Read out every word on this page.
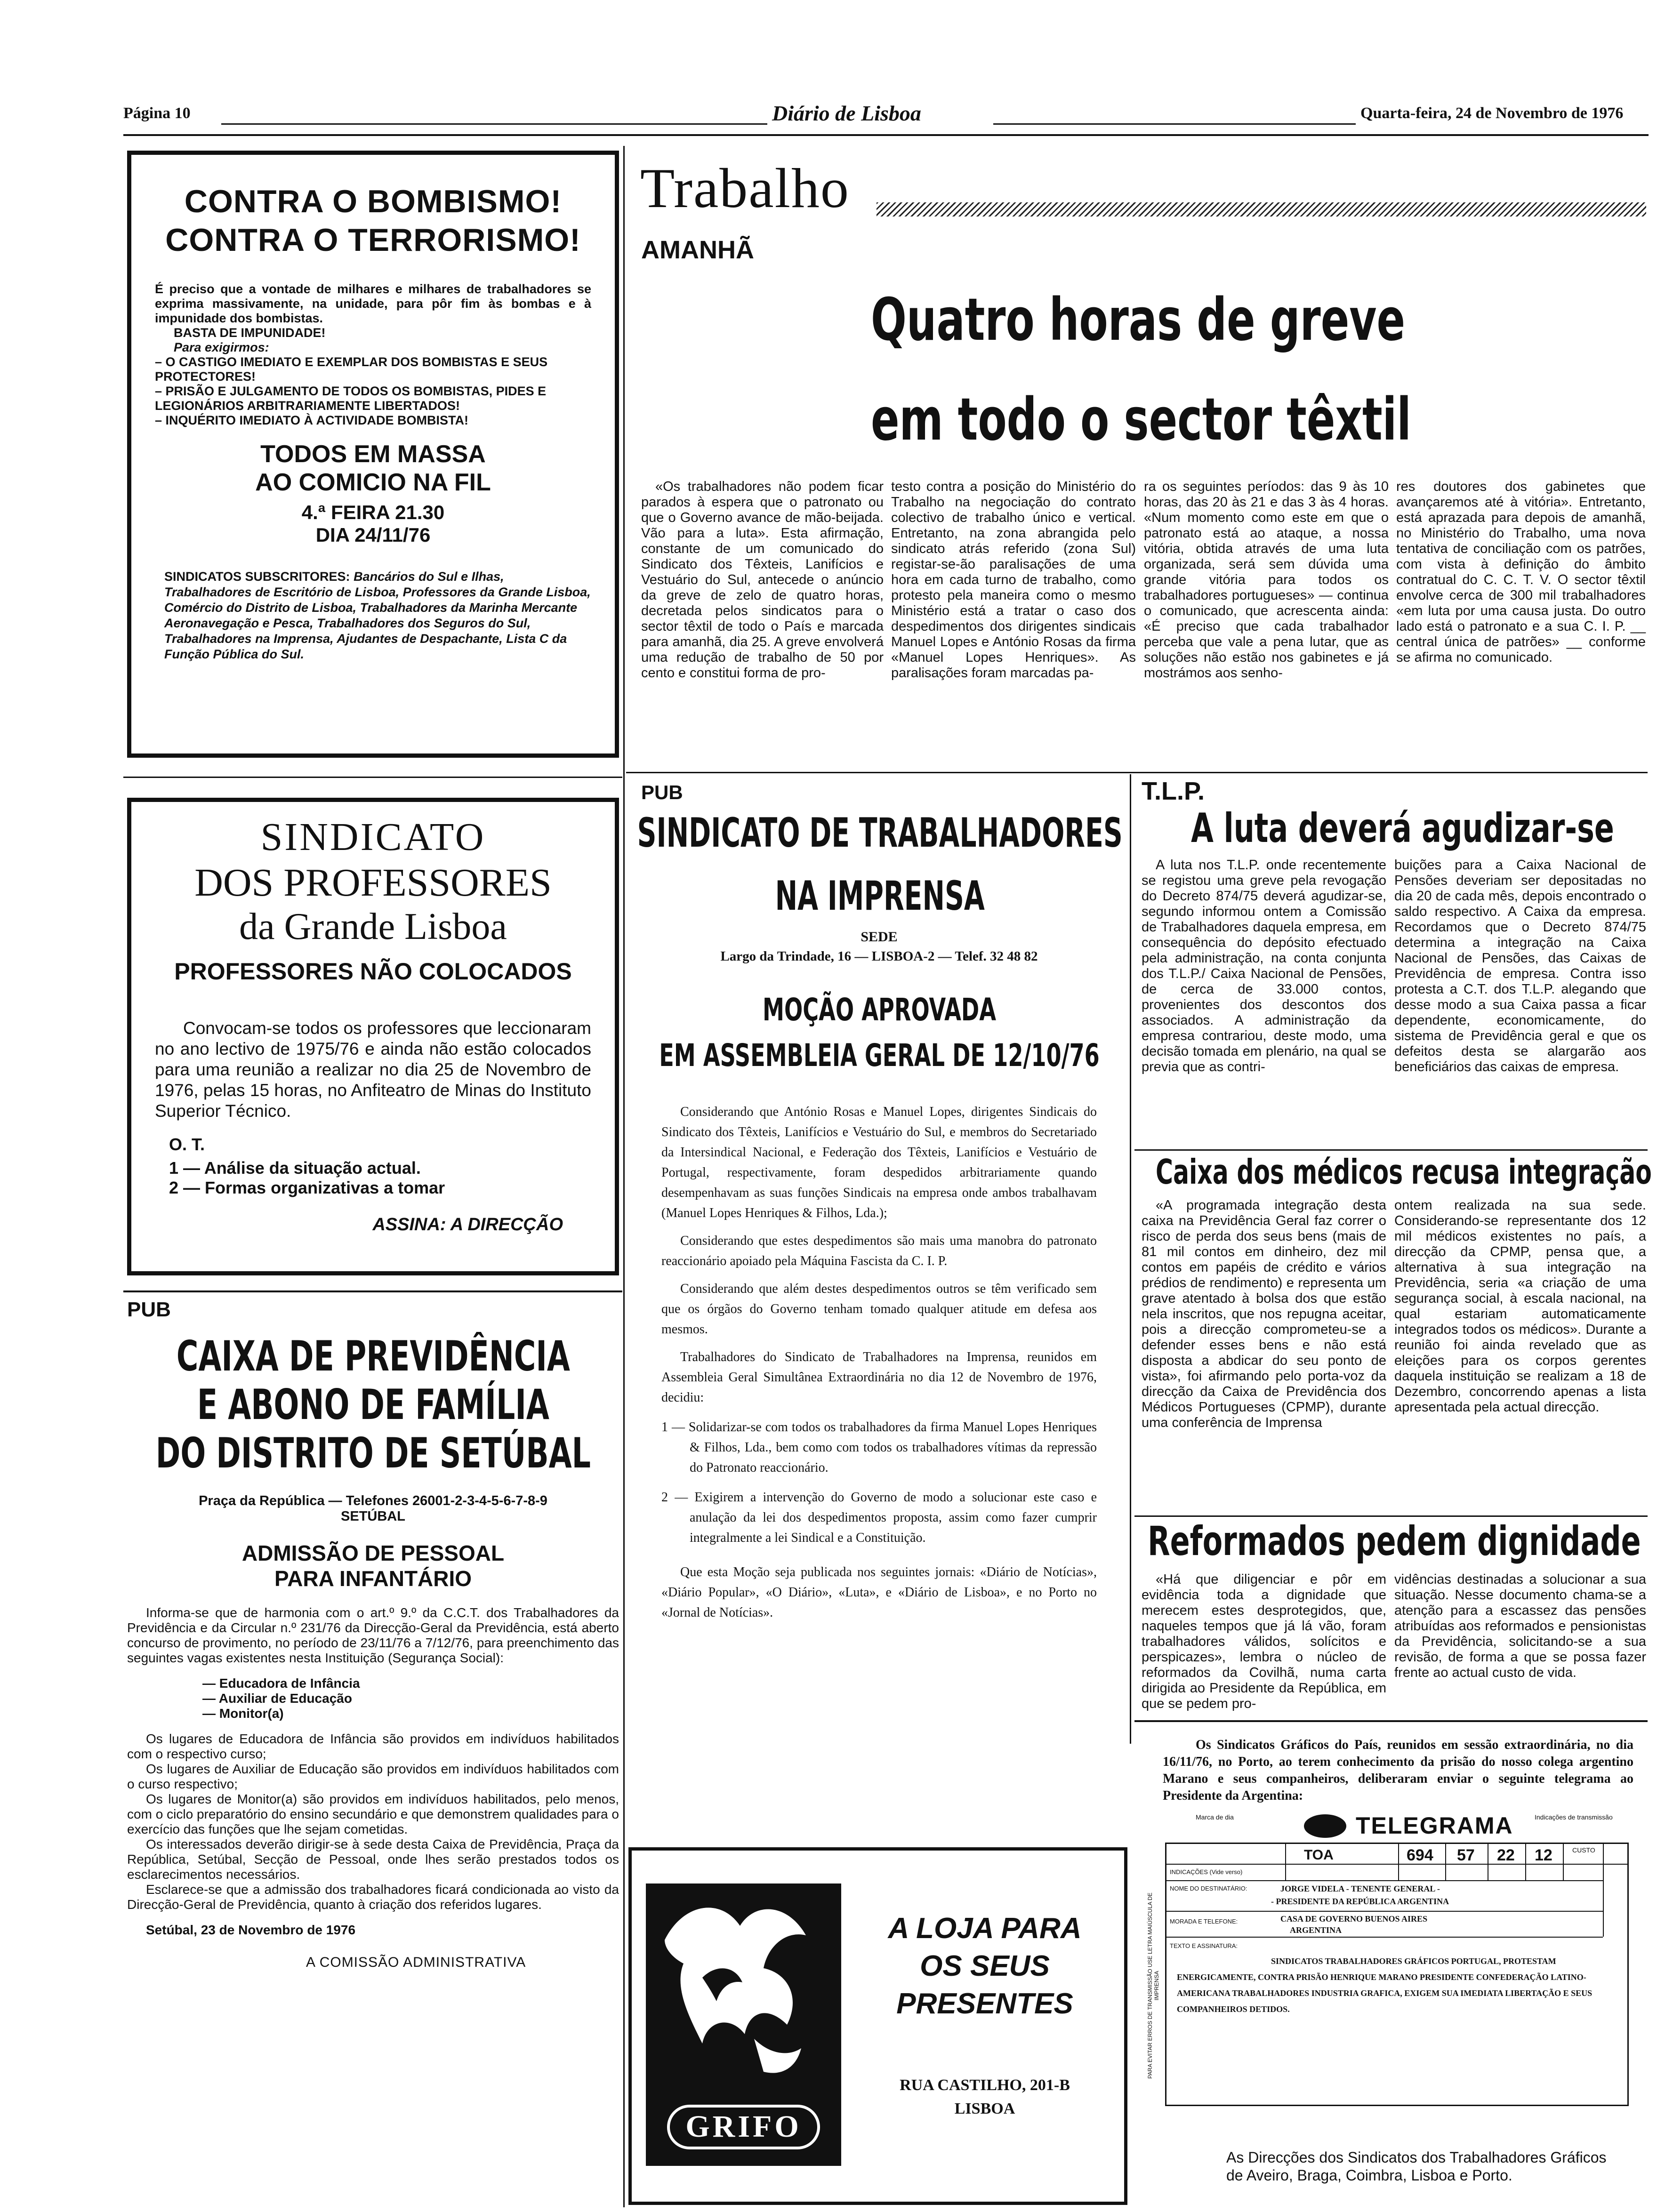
Página 10	Diário de Lisboa	Quarta-feira, 24 de Novembro de 1976
CONTRA O BOMBISMO!
CONTRA O TERRORISMO!
É preciso que a vontade de milhares e milhares de trabalhadores se exprima massivamente, na unidade, para pôr fim às bombas e à impunidade dos bombistas.
BASTA DE IMPUNIDADE!
Para exigirmos:
– O CASTIGO IMEDIATO E EXEMPLAR DOS BOMBISTAS E SEUS PROTECTORES!
– PRISÃO E JULGAMENTO DE TODOS OS BOMBISTAS, PIDES E LEGIONÁRIOS ARBITRARIAMENTE LIBERTADOS!
– INQUÉRITO IMEDIATO À ACTIVIDADE BOMBISTA!
TODOS EM MASSA
AO COMICIO NA FIL
4.ª FEIRA 21.30
DIA 24/11/76
SINDICATOS SUBSCRITORES: Bancários do Sul e Ilhas, Trabalhadores de Escritório de Lisboa, Professores da Grande Lisboa, Comércio do Distrito de Lisboa, Trabalhadores da Marinha Mercante Aeronavegação e Pesca, Trabalhadores dos Seguros do Sul, Trabalhadores na Imprensa, Ajudantes de Despachante, Lista C da Função Pública do Sul.
SINDICATO
DOS PROFESSORES
da Grande Lisboa
PROFESSORES NÃO COLOCADOS
Convocam-se todos os professores que leccionaram no ano lectivo de 1975/76 e ainda não estão colocados para uma reunião a realizar no dia 25 de Novembro de 1976, pelas 15 horas, no Anfiteatro de Minas do Instituto Superior Técnico.
O. T.
1 — Análise da situação actual.
2 — Formas organizativas a tomar
ASSINA: A DIRECÇÃO
PUB
CAIXA DE PREVIDÊNCIA
E ABONO DE FAMÍLIA
DO DISTRITO DE SETÚBAL
Praça da República — Telefones 26001-2-3-4-5-6-7-8-9
SETÚBAL
ADMISSÃO DE PESSOAL
PARA INFANTÁRIO
Informa-se que de harmonia com o art.º 9.º da C.C.T. dos Trabalhadores da Previdência e da Circular n.º 231/76 da Direcção-Geral da Previdência, está aberto concurso de provimento, no período de 23/11/76 a 7/12/76, para preenchimento das seguintes vagas existentes nesta Instituição (Segurança Social):
— Educadora de Infância
— Auxiliar de Educação
— Monitor(a)
Os lugares de Educadora de Infância são providos em indivíduos habilitados com o respectivo curso;
Os lugares de Auxiliar de Educação são providos em indivíduos habilitados com o curso respectivo;
Os lugares de Monitor(a) são providos em indivíduos habilitados, pelo menos, com o ciclo preparatório do ensino secundário e que demonstrem qualidades para o exercício das funções que lhe sejam cometidas.
Os interessados deverão dirigir-se à sede desta Caixa de Previdência, Praça da República, Setúbal, Secção de Pessoal, onde lhes serão prestados todos os esclarecimentos necessários.
Esclarece-se que a admissão dos trabalhadores ficará condicionada ao visto da Direcção-Geral de Previdência, quanto à criação dos referidos lugares.
Setúbal, 23 de Novembro de 1976
A COMISSÃO ADMINISTRATIVA
Trabalho
AMANHÃ
Quatro horas de greve
em todo o sector têxtil
«Os trabalhadores não podem ficar parados à espera que o patronato ou que o Governo avance de mão-beijada. Vão para a luta». Esta afirmação, constante de um comunicado do Sindicato dos Têxteis, Lanifícios e Vestuário do Sul, antecede o anúncio da greve de zelo de quatro horas, decretada pelos sindicatos para o sector têxtil de todo o País e marcada para amanhã, dia 25. A greve envolverá uma redução de trabalho de 50 por cento e constitui forma de pro-
testo contra a posição do Ministério do Trabalho na negociação do contrato colectivo de trabalho único e vertical. Entretanto, na zona abrangida pelo sindicato atrás referido (zona Sul) registar-se-ão paralisações de uma hora em cada turno de trabalho, como protesto pela maneira como o mesmo Ministério está a tratar o caso dos despedimentos dos dirigentes sindicais Manuel Lopes e António Rosas da firma «Manuel Lopes Henriques». As paralisações foram marcadas pa-
ra os seguintes períodos: das 9 às 10 horas, das 20 às 21 e das 3 às 4 horas. «Num momento como este em que o patronato está ao ataque, a nossa vitória, obtida através de uma luta organizada, será sem dúvida uma grande vitória para todos os trabalhadores portugueses» — continua o comunicado, que acrescenta ainda: «É preciso que cada trabalhador perceba que vale a pena lutar, que as soluções não estão nos gabinetes e já mostrámos aos senho-
res doutores dos gabinetes que avançaremos até à vitória». Entretanto, está aprazada para depois de amanhã, no Ministério do Trabalho, uma nova tentativa de conciliação com os patrões, com vista à definição do âmbito contratual do C. C. T. V. O sector têxtil envolve cerca de 300 mil trabalhadores «em luta por uma causa justa. Do outro lado está o patronato e a sua C. I. P. __ central única de patrões» __ conforme se afirma no comunicado.
PUB
SINDICATO DE TRABALHADORES
NA IMPRENSA
SEDE
Largo da Trindade, 16 — LISBOA-2 — Telef. 32 48 82
MOÇÃO APROVADA
EM ASSEMBLEIA GERAL DE 12/10/76
Considerando que António Rosas e Manuel Lopes, dirigentes Sindicais do Sindicato dos Têxteis, Lanifícios e Vestuário do Sul, e membros do Secretariado da Intersindical Nacional, e Federação dos Têxteis, Lanifícios e Vestuário de Portugal, respectivamente, foram despedidos arbitrariamente quando desempenhavam as suas funções Sindicais na empresa onde ambos trabalhavam (Manuel Lopes Henriques & Filhos, Lda.);
Considerando que estes despedimentos são mais uma manobra do patronato reaccionário apoiado pela Máquina Fascista da C. I. P.
Considerando que além destes despedimentos outros se têm verificado sem que os órgãos do Governo tenham tomado qualquer atitude em defesa aos mesmos.
Trabalhadores do Sindicato de Trabalhadores na Imprensa, reunidos em Assembleia Geral Simultânea Extraordinária no dia 12 de Novembro de 1976, decidiu:
1 — Solidarizar-se com todos os trabalhadores da firma Manuel Lopes Henriques & Filhos, Lda., bem como com todos os trabalhadores vítimas da repressão do Patronato reaccionário.
2 — Exigirem a intervenção do Governo de modo a solucionar este caso e anulação da lei dos despedimentos proposta, assim como fazer cumprir integralmente a lei Sindical e a Constituição.
Que esta Moção seja publicada nos seguintes jornais: «Diário de Notícias», «Diário Popular», «O Diário», «Luta», e «Diário de Lisboa», e no Porto no «Jornal de Notícias».
GRIFO
A LOJA PARA
OS SEUS
PRESENTES
RUA CASTILHO, 201-B
LISBOA
T.L.P.
A luta deverá agudizar-se
A luta nos T.L.P. onde recentemente se registou uma greve pela revogação do Decreto 874/75 deverá agudizar-se, segundo informou ontem a Comissão de Trabalhadores daquela empresa, em consequência do depósito efectuado pela administração, na conta conjunta dos T.L.P./ Caixa Nacional de Pensões, de cerca de 33.000 contos, provenientes dos descontos dos associados. A administração da empresa contrariou, deste modo, uma decisão tomada em plenário, na qual se previa que as contri-
buições para a Caixa Nacional de Pensões deveriam ser depositadas no dia 20 de cada mês, depois encontrado o saldo respectivo. A Caixa da empresa. Recordamos que o Decreto 874/75 determina a integração na Caixa Nacional de Pensões, das Caixas de Previdência de empresa. Contra isso protesta a C.T. dos T.L.P. alegando que desse modo a sua Caixa passa a ficar dependente, economicamente, do sistema de Previdência geral e que os defeitos desta se alargarão aos beneficiários das caixas de empresa.
Caixa dos médicos recusa integração
«A programada integração desta caixa na Previdência Geral faz correr o risco de perda dos seus bens (mais de 81 mil contos em dinheiro, dez mil contos em papéis de crédito e vários prédios de rendimento) e representa um grave atentado à bolsa dos que estão nela inscritos, que nos repugna aceitar, pois a direcção comprometeu-se a defender esses bens e não está disposta a abdicar do seu ponto de vista», foi afirmando pelo porta-voz da direcção da Caixa de Previdência dos Médicos Portugueses (CPMP), durante uma conferência de Imprensa
ontem realizada na sua sede. Considerando-se representante dos 12 mil médicos existentes no país, a direcção da CPMP, pensa que, a alternativa à sua integração na Previdência, seria «a criação de uma segurança social, à escala nacional, na qual estariam automaticamente integrados todos os médicos». Durante a reunião foi ainda revelado que as eleições para os corpos gerentes daquela instituição se realizam a 18 de Dezembro, concorrendo apenas a lista apresentada pela actual direcção.
Reformados pedem dignidade
«Há que diligenciar e pôr em evidência toda a dignidade que merecem estes desprotegidos, que, naqueles tempos que já lá vão, foram trabalhadores válidos, solícitos e perspicazes», lembra o núcleo de reformados da Covilhã, numa carta dirigida ao Presidente da República, em que se pedem pro-
vidências destinadas a solucionar a sua situação. Nesse documento chama-se a atenção para a escassez das pensões atribuídas aos reformados e pensionistas da Previdência, solicitando-se a sua revisão, de forma a que se possa fazer frente ao actual custo de vida.
Os Sindicatos Gráficos do País, reunidos em sessão extraordinária, no dia 16/11/76, no Porto, ao terem conhecimento da prisão do nosso colega argentino Marano e seus companheiros, deliberaram enviar o seguinte telegrama ao Presidente da Argentina:
Marca de dia	Indicações de transmissão
TELEGRAMA
TOA	694 57 22 12	CUSTO
INDICAÇÕES (Vide verso)
NOME DO DESTINATÁRIO:	JORGE VIDELA - TENENTE GENERAL -
- PRESIDENTE DA REPÚBLICA ARGENTINA
MORADA E TELEFONE:	CASA DE GOVERNO BUENOS AIRES
ARGENTINA
TEXTO E ASSINATURA:
SINDICATOS TRABALHADORES GRÁFICOS PORTUGAL, PROTESTAM ENERGICAMENTE, CONTRA PRISÃO HENRIQUE MARANO PRESIDENTE CONFEDERAÇÃO LATINO-AMERICANA TRABALHADORES INDUSTRIA GRAFICA, EXIGEM SUA IMEDIATA LIBERTAÇÃO E SEUS COMPANHEIROS DETIDOS.
PARA EVITAR ERROS DE TRANSMISSÃO USE LETRA MAIÚSCULA DE IMPRENSA
As Direcções dos Sindicatos dos Trabalhadores Gráficos de Aveiro, Braga, Coimbra, Lisboa e Porto.
